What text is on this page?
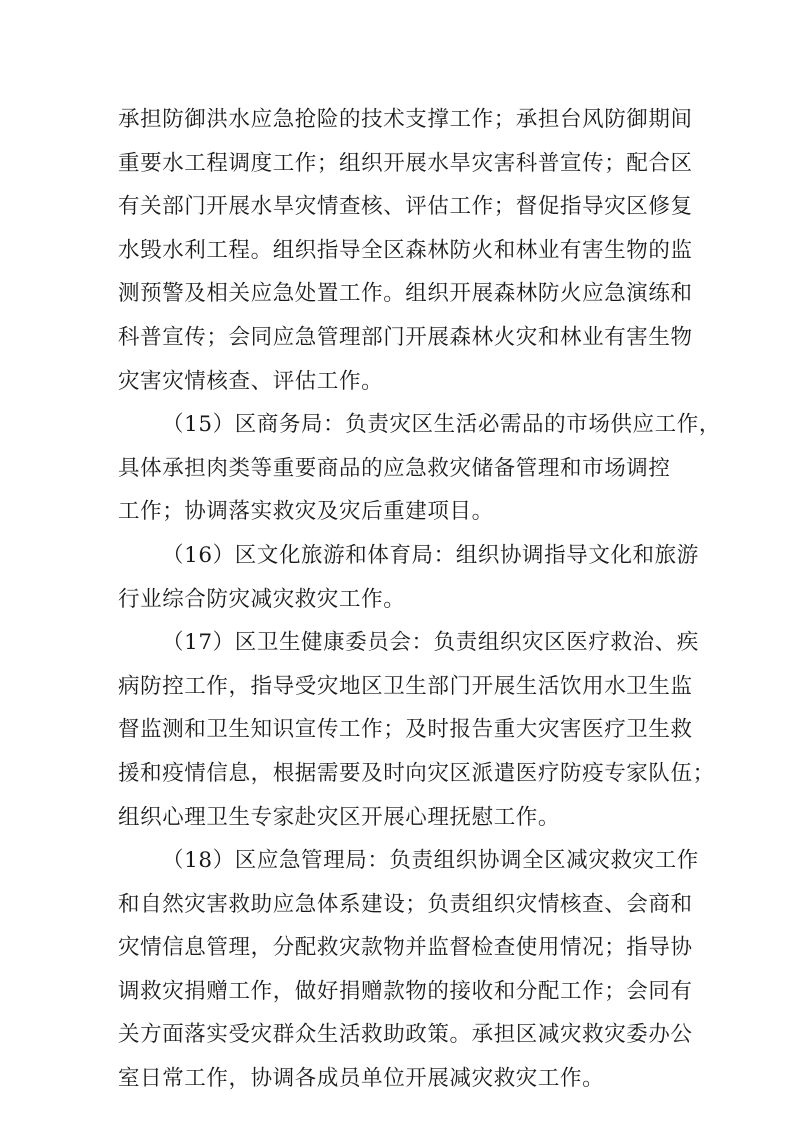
承担防御洪水应急抢险的技术支撑工作；承担台风防御期间
重要水工程调度工作；组织开展水旱灾害科普宣传；配合区
有关部门开展水旱灾情查核、评估工作；督促指导灾区修复
水毁水利工程。组织指导全区森林防火和林业有害生物的监
测预警及相关应急处置工作。组织开展森林防火应急演练和
科普宣传；会同应急管理部门开展森林火灾和林业有害生物
灾害灾情核查、评估工作。

（15）区商务局：负责灾区生活必需品的市场供应工作，
具体承担肉类等重要商品的应急救灾储备管理和市场调控
工作；协调落实救灾及灾后重建项目。

（16）区文化旅游和体育局：组织协调指导文化和旅游
行业综合防灾减灾救灾工作。

（17）区卫生健康委员会：负责组织灾区医疗救治、疾
病防控工作，指导受灾地区卫生部门开展生活饮用水卫生监
督监测和卫生知识宣传工作；及时报告重大灾害医疗卫生救
援和疫情信息，根据需要及时向灾区派遣医疗防疫专家队伍；
组织心理卫生专家赴灾区开展心理抚慰工作。

（18）区应急管理局：负责组织协调全区减灾救灾工作
和自然灾害救助应急体系建设；负责组织灾情核查、会商和
灾情信息管理，分配救灾款物并监督检查使用情况；指导协
调救灾捐赠工作，做好捐赠款物的接收和分配工作；会同有
关方面落实受灾群众生活救助政策。承担区减灾救灾委办公
室日常工作，协调各成员单位开展减灾救灾工作。
